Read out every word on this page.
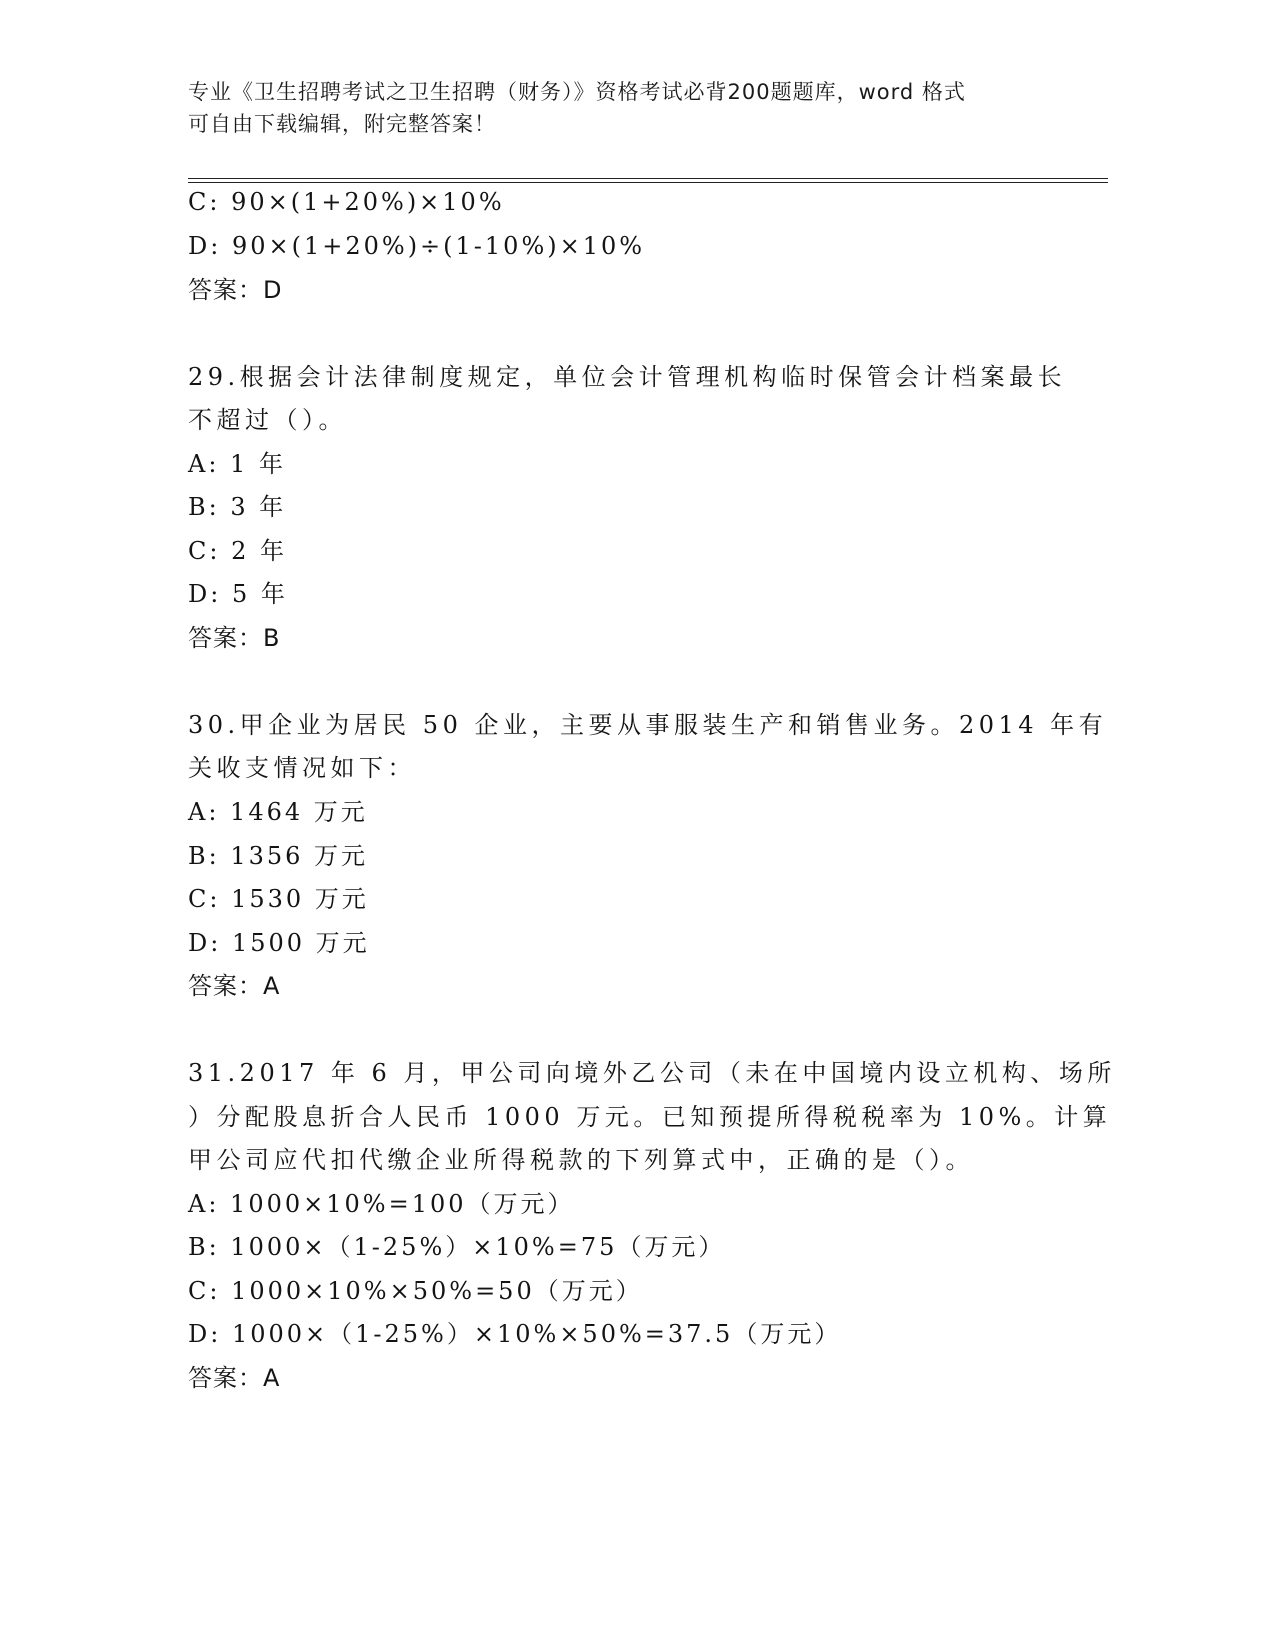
专业《卫生招聘考试之卫生招聘（财务）》资格考试必背200题题库，word 格式
可自由下载编辑，附完整答案！
C: 90×(1+20%)×10%
D: 90×(1+20%)÷(1-10%)×10%
答案：D
29.根据会计法律制度规定，单位会计管理机构临时保管会计档案最长
不超过（）。
A: 1 年
B: 3 年
C: 2 年
D: 5 年
答案：B
30.甲企业为居民 50 企业，主要从事服装生产和销售业务。2014 年有
关收支情况如下：
A: 1464 万元
B: 1356 万元
C: 1530 万元
D: 1500 万元
答案：A
31.2017 年 6 月，甲公司向境外乙公司（未在中国境内设立机构、场所
）分配股息折合人民币 1000 万元。已知预提所得税税率为 10%。计算
甲公司应代扣代缴企业所得税款的下列算式中，正确的是（）。
A: 1000×10%=100（万元）
B: 1000×（1-25%）×10%=75（万元）
C: 1000×10%×50%=50（万元）
D: 1000×（1-25%）×10%×50%=37.5（万元）
答案：A
